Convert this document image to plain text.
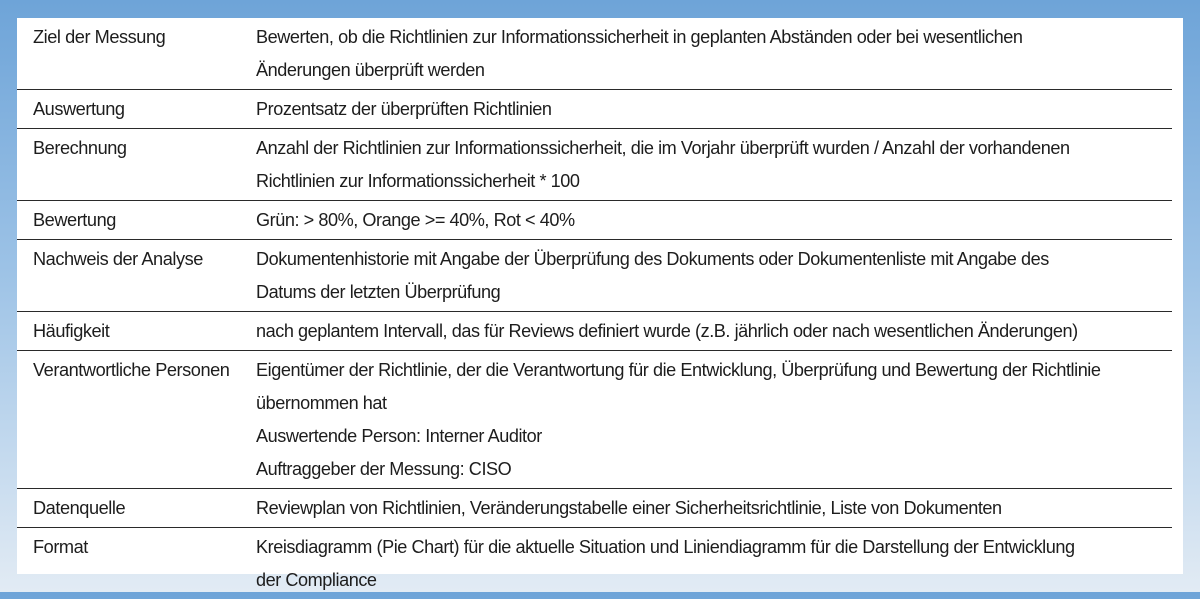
Ziel der Messung	Bewerten, ob die Richtlinien zur Informationssicherheit in geplanten Abständen oder bei wesentlichen
Änderungen überprüft werden

Auswertung	Prozentsatz der überprüften Richtlinien

Berechnung	Anzahl der Richtlinien zur Informationssicherheit, die im Vorjahr überprüft wurden / Anzahl der vorhandenen
Richtlinien zur Informationssicherheit * 100

Bewertung	Grün: > 80%, Orange >= 40%, Rot < 40%

Nachweis der Analyse	Dokumentenhistorie mit Angabe der Überprüfung des Dokuments oder Dokumentenliste mit Angabe des
Datums der letzten Überprüfung

Häufigkeit	nach geplantem Intervall, das für Reviews definiert wurde (z.B. jährlich oder nach wesentlichen Änderungen)

Verantwortliche Personen	Eigentümer der Richtlinie, der die Verantwortung für die Entwicklung, Überprüfung und Bewertung der Richtlinie
übernommen hat
Auswertende Person: Interner Auditor
Auftraggeber der Messung: CISO

Datenquelle	Reviewplan von Richtlinien, Veränderungstabelle einer Sicherheitsrichtlinie, Liste von Dokumenten

Format	Kreisdiagramm (Pie Chart) für die aktuelle Situation und Liniendiagramm für die Darstellung der Entwicklung
der Compliance
